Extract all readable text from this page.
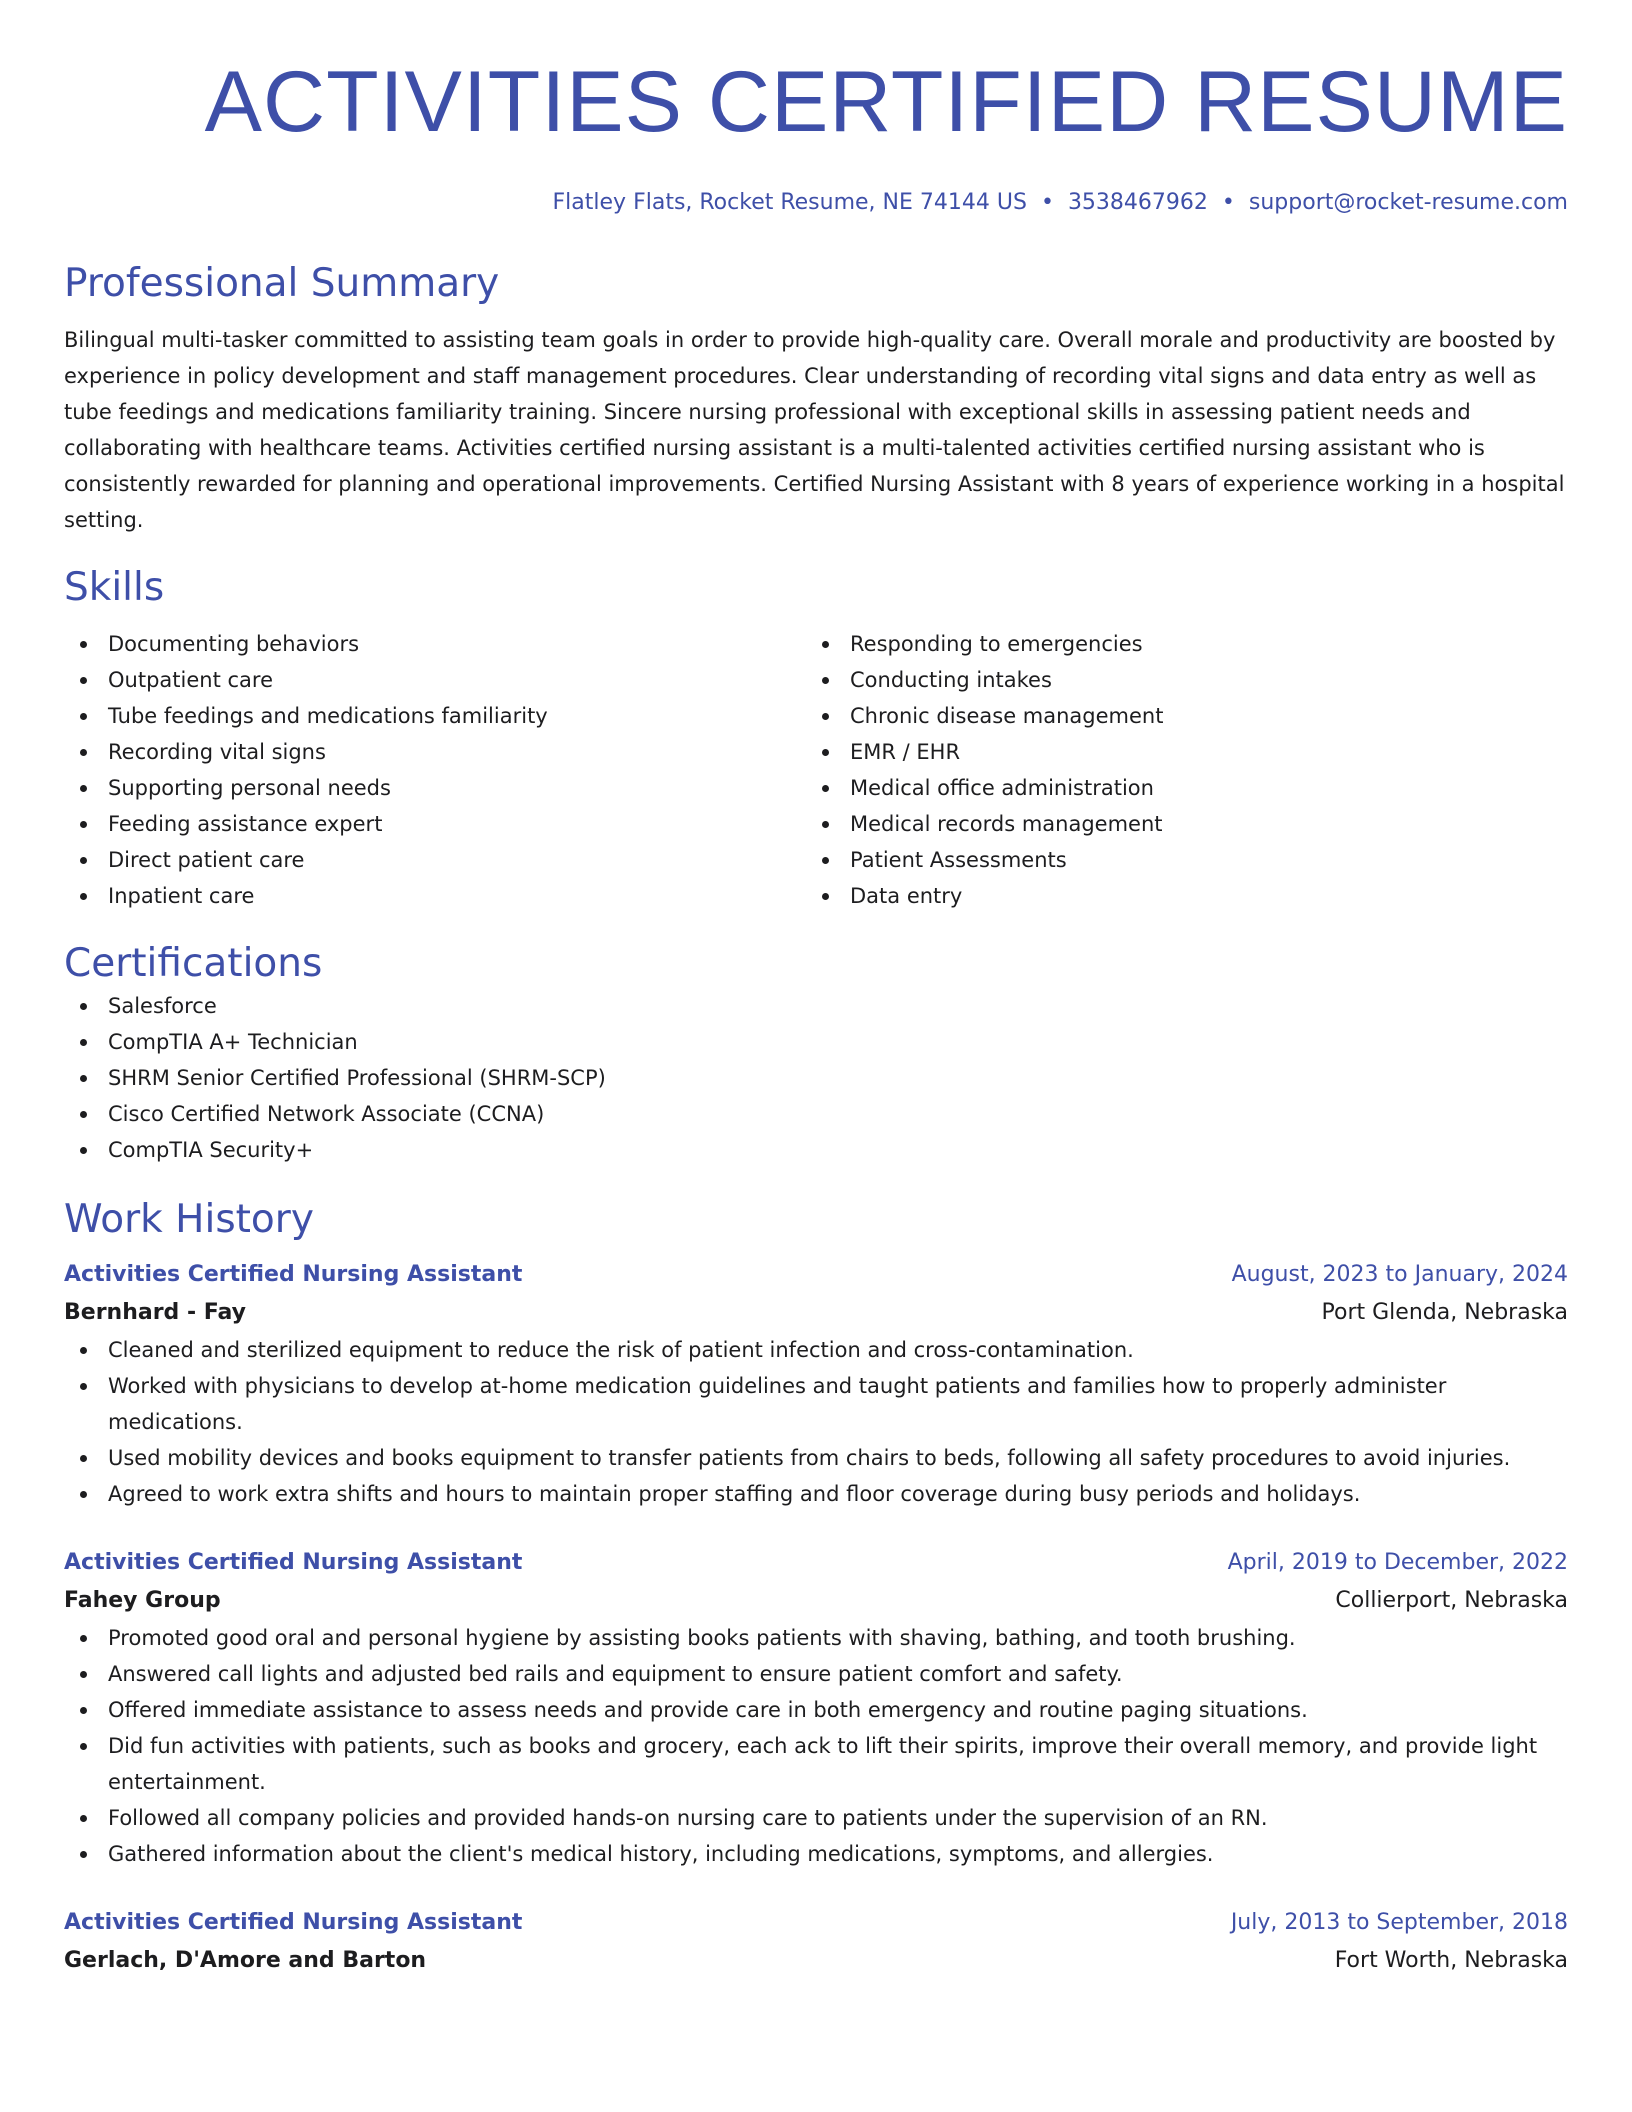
ACTIVITIES CERTIFIED RESUME
Flatley Flats, Rocket Resume, NE 74144 US • 3538467962 • support@rocket-resume.com
Professional Summary

Bilingual multi-tasker committed to assisting team goals in order to provide high-quality care. Overall morale and productivity are boosted by experience in policy development and staff management procedures. Clear understanding of recording vital signs and data entry as well as tube feedings and medications familiarity training. Sincere nursing professional with exceptional skills in assessing patient needs and collaborating with healthcare teams. Activities certified nursing assistant is a multi-talented activities certified nursing assistant who is consistently rewarded for planning and operational improvements. Certified Nursing Assistant with 8 years of experience working in a hospital setting.

Skills
Documenting behaviors
Outpatient care
Tube feedings and medications familiarity
Recording vital signs
Supporting personal needs
Feeding assistance expert
Direct patient care
Inpatient care
Responding to emergencies
Conducting intakes
Chronic disease management
EMR / EHR
Medical office administration
Medical records management
Patient Assessments
Data entry
Certifications
Salesforce
CompTIA A+ Technician
SHRM Senior Certified Professional (SHRM-SCP)
Cisco Certified Network Associate (CCNA)
CompTIA Security+
Work History
Activities Certified Nursing Assistant	August, 2023 to January, 2024
Bernhard - Fay	Port Glenda, Nebraska
Cleaned and sterilized equipment to reduce the risk of patient infection and cross-contamination.
Worked with physicians to develop at-home medication guidelines and taught patients and families how to properly administer medications.
Used mobility devices and books equipment to transfer patients from chairs to beds, following all safety procedures to avoid injuries.
Agreed to work extra shifts and hours to maintain proper staffing and floor coverage during busy periods and holidays.
Activities Certified Nursing Assistant	April, 2019 to December, 2022
Fahey Group	Collierport, Nebraska
Promoted good oral and personal hygiene by assisting books patients with shaving, bathing, and tooth brushing.
Answered call lights and adjusted bed rails and equipment to ensure patient comfort and safety.
Offered immediate assistance to assess needs and provide care in both emergency and routine paging situations.
Did fun activities with patients, such as books and grocery, each ack to lift their spirits, improve their overall memory, and provide light entertainment.
Followed all company policies and provided hands-on nursing care to patients under the supervision of an RN.
Gathered information about the client's medical history, including medications, symptoms, and allergies.
Activities Certified Nursing Assistant	July, 2013 to September, 2018
Gerlach, D'Amore and Barton	Fort Worth, Nebraska
